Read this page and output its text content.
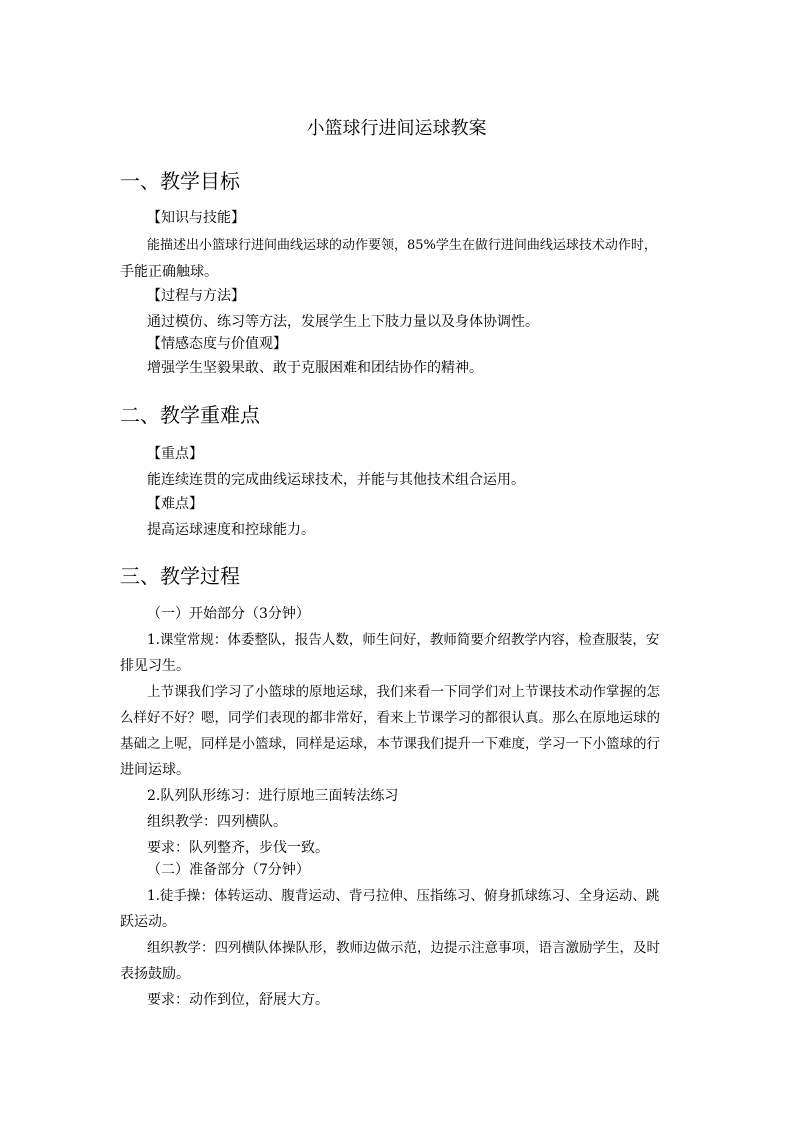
小篮球行进间运球教案
一、教学目标
【知识与技能】
能描述出小篮球行进间曲线运球的动作要领，85%学生在做行进间曲线运球技术动作时，
手能正确触球。
【过程与方法】
通过模仿、练习等方法，发展学生上下肢力量以及身体协调性。
【情感态度与价值观】
增强学生坚毅果敢、敢于克服困难和团结协作的精神。
二、教学重难点
【重点】
能连续连贯的完成曲线运球技术，并能与其他技术组合运用。
【难点】
提高运球速度和控球能力。
三、教学过程
（一）开始部分（3分钟）
1.课堂常规：体委整队，报告人数，师生问好，教师简要介绍教学内容，检查服装，安
排见习生。
上节课我们学习了小篮球的原地运球，我们来看一下同学们对上节课技术动作掌握的怎
么样好不好？嗯，同学们表现的都非常好，看来上节课学习的都很认真。那么在原地运球的
基础之上呢，同样是小篮球，同样是运球，本节课我们提升一下难度，学习一下小篮球的行
进间运球。
2.队列队形练习：进行原地三面转法练习
组织教学：四列横队。
要求：队列整齐，步伐一致。
（二）准备部分（7分钟）
1.徒手操：体转运动、腹背运动、背弓拉伸、压指练习、俯身抓球练习、全身运动、跳
跃运动。
组织教学：四列横队体操队形，教师边做示范，边提示注意事项，语言激励学生，及时
表扬鼓励。
要求：动作到位，舒展大方。
